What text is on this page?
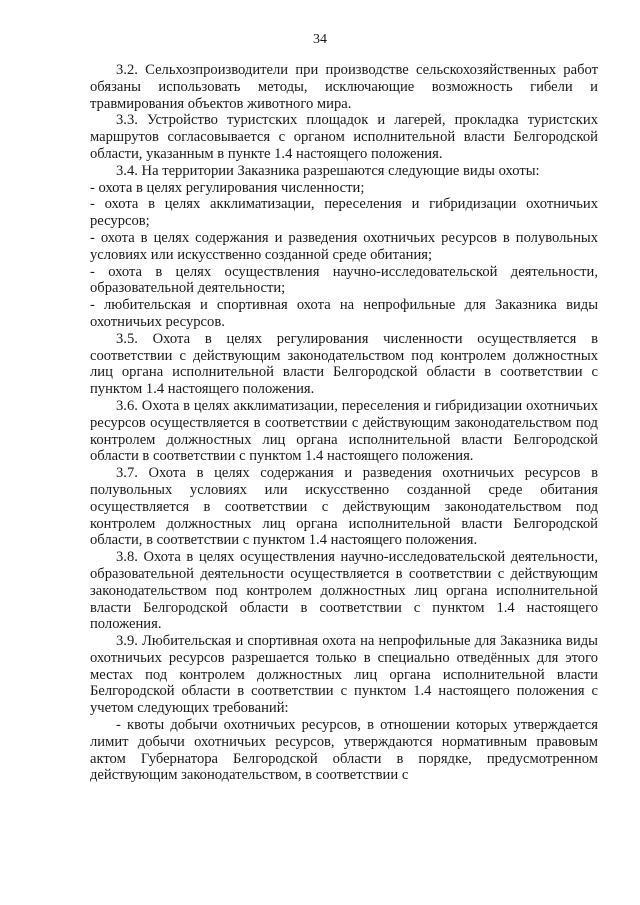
34

3.2. Сельхозпроизводители при производстве сельскохозяйственных работ обязаны использовать методы, исключающие возможность гибели и травмирования объектов животного мира.

3.3. Устройство туристских площадок и лагерей, прокладка туристских маршрутов согласовывается с органом исполнительной власти Белгородской области, указанным в пункте 1.4 настоящего положения.

3.4. На территории Заказника разрешаются следующие виды охоты:

- охота в целях регулирования численности;

- охота в целях акклиматизации, переселения и гибридизации охотничьих ресурсов;

- охота в целях содержания и разведения охотничьих ресурсов в полувольных условиях или искусственно созданной среде обитания;

- охота в целях осуществления научно-исследовательской деятельности, образовательной деятельности;

- любительская и спортивная охота на непрофильные для Заказника виды охотничьих ресурсов.

3.5. Охота в целях регулирования численности осуществляется в соответствии с действующим законодательством под контролем должностных лиц органа исполнительной власти Белгородской области в соответствии с пунктом 1.4 настоящего положения.

3.6. Охота в целях акклиматизации, переселения и гибридизации охотничьих ресурсов осуществляется в соответствии с действующим законодательством под контролем должностных лиц органа исполнительной власти Белгородской области в соответствии с пунктом 1.4 настоящего положения.

3.7. Охота в целях содержания и разведения охотничьих ресурсов в полувольных условиях или искусственно созданной среде обитания осуществляется в соответствии с действующим законодательством под контролем должностных лиц органа исполнительной власти Белгородской области, в соответствии с пунктом 1.4 настоящего положения.

3.8. Охота в целях осуществления научно-исследовательской деятельности, образовательной деятельности осуществляется в соответствии с действующим законодательством под контролем должностных лиц органа исполнительной власти Белгородской области в соответствии с пунктом 1.4 настоящего положения.

3.9. Любительская и спортивная охота на непрофильные для Заказника виды охотничьих ресурсов разрешается только в специально отведённых для этого местах под контролем должностных лиц органа исполнительной власти Белгородской области в соответствии с пунктом 1.4 настоящего положения с учетом следующих требований:

- квоты добычи охотничьих ресурсов, в отношении которых утверждается лимит добычи охотничьих ресурсов, утверждаются нормативным правовым актом Губернатора Белгородской области в порядке, предусмотренном действующим законодательством, в соответствии с
